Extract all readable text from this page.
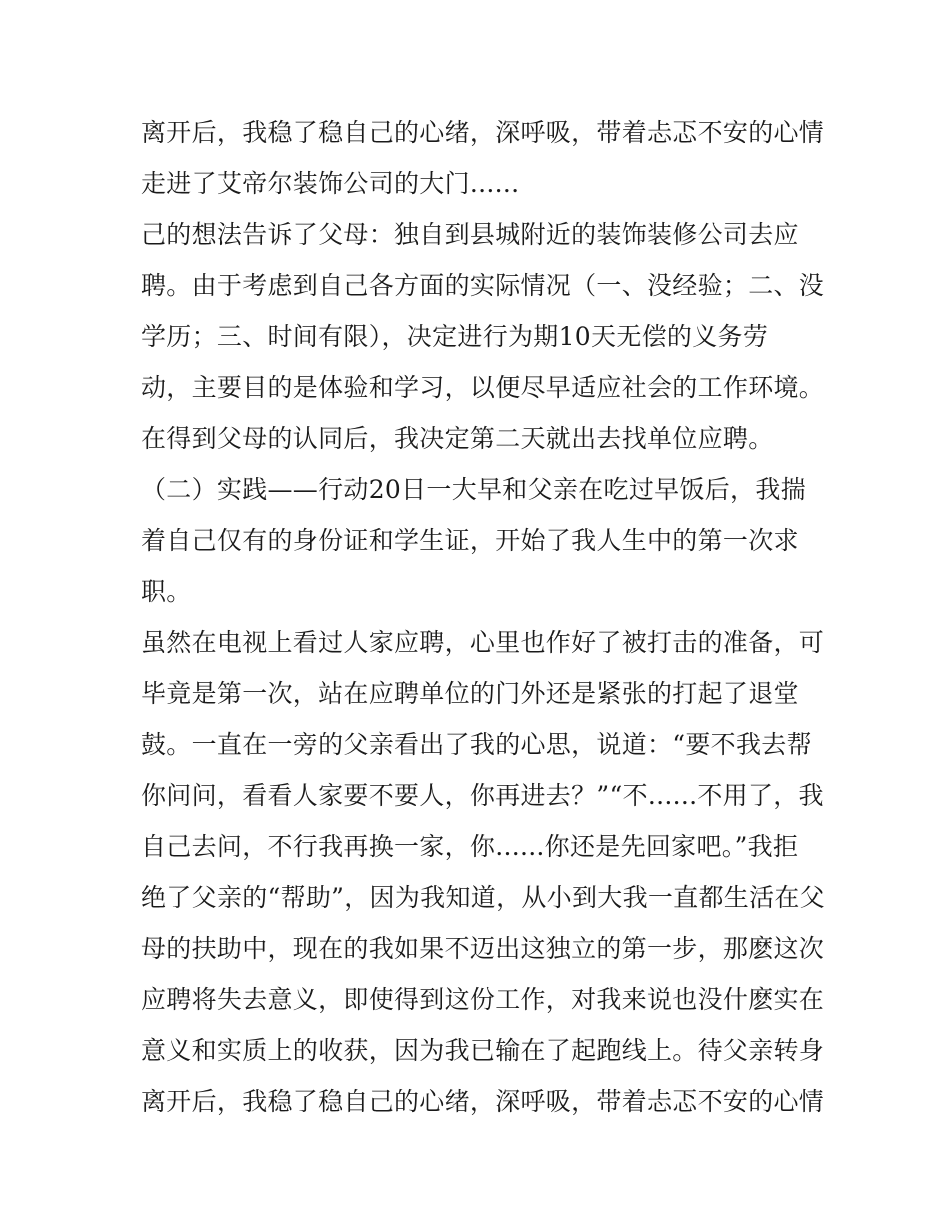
离开后，我稳了稳自己的心绪，深呼吸，带着忐忑不安的心情
走进了艾帝尔装饰公司的大门......
己的想法告诉了父母：独自到县城附近的装饰装修公司去应
聘。由于考虑到自己各方面的实际情况（一、没经验；二、没
学历；三、时间有限），决定进行为期10天无偿的义务劳
动，主要目的是体验和学习，以便尽早适应社会的工作环境。
在得到父母的认同后，我决定第二天就出去找单位应聘。
（二）实践——行动20日一大早和父亲在吃过早饭后，我揣
着自己仅有的身份证和学生证，开始了我人生中的第一次求
职。
虽然在电视上看过人家应聘，心里也作好了被打击的准备，可
毕竟是第一次，站在应聘单位的门外还是紧张的打起了退堂
鼓。一直在一旁的父亲看出了我的心思，说道：“要不我去帮
你问问，看看人家要不要人，你再进去？”“不......不用了，我
自己去问，不行我再换一家，你......你还是先回家吧。”我拒
绝了父亲的“帮助”，因为我知道，从小到大我一直都生活在父
母的扶助中，现在的我如果不迈出这独立的第一步，那麽这次
应聘将失去意义，即使得到这份工作，对我来说也没什麽实在
意义和实质上的收获，因为我已输在了起跑线上。待父亲转身
离开后，我稳了稳自己的心绪，深呼吸，带着忐忑不安的心情
